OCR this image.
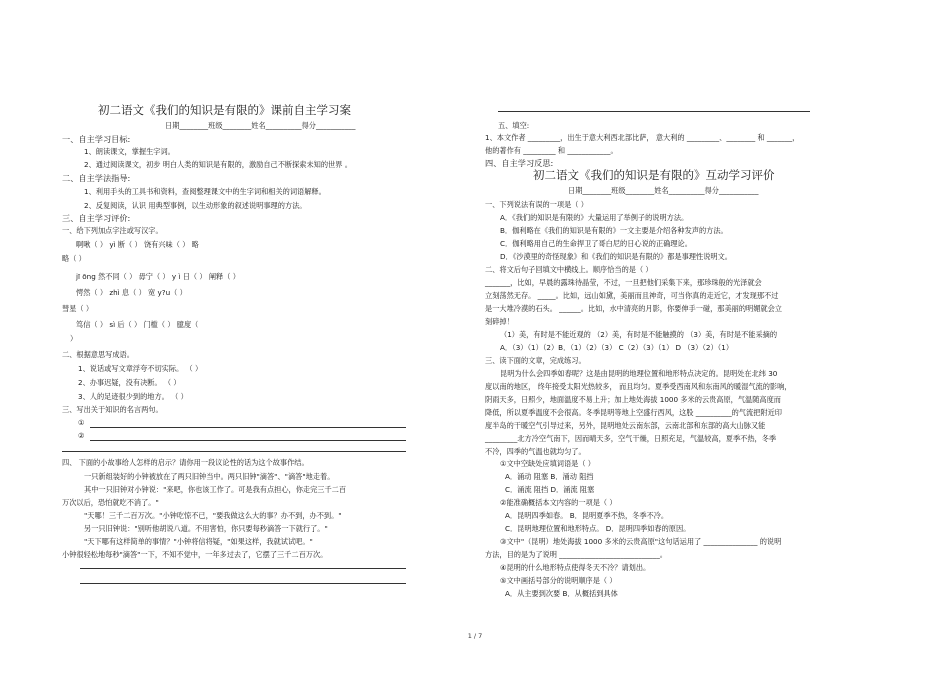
初二语文《我们的知识是有限的》课前自主学习案
日期________班级________姓名__________得分___________
一、自主学习目标:
1、朗读课文，掌握生字词。
2、通过阅读课文，初步 明白人类的知识是有限的，激励自己不断探索未知的世界 。
二、自主学法指导:
1、利用手头的工具书和资料，查阅整理课文中的生字词和相关的词语解释。
2、反复阅读，认识 用典型事例，以生动形象的叙述说明事理的方法。
三、自主学习评价:
一、给下列加点字注或写汉字。
啊啾（ ） yì 断（ ） 饶有兴味（ ） 略
略（ ）
jī ōng 然不同（ ） 毋宁（ ） y ì 日（ ） 阐释（ ）
愕然（ ） zhì 息（ ） 宽 y?u（ ）
彗星（ ）
笃信（ ） sì 后（ ） 门槛（ ） 臆度（
）
二、根据意思写成语。
1、说话或写文章浮夸不切实际。 （ ）
2、办事迟疑，没有决断。 （ ）
3、人的足迹很少到的地方。 （ ）
三、写出关于知识的名言两句。
①
②
四、 下面的小故事给人怎样的启示？请你用一段议论性的话为这个故事作结。
一只新组装好的小钟被放在了两只旧钟当中。两只旧钟"滴答"、"滴答"地走着。
其中一只旧钟对小钟说："来吧，你也该工作了。可是我有点担心，你走完三千二百
万次以后，恐怕就吃不消了。"
"天哪！三千二百万次。"小钟吃惊不已，"要我做这么大的事？办不到，办不到。"
另一只旧钟说："别听他胡说八道。不用害怕，你只要每秒滴答一下就行了。"
"天下哪有这样简单的事情？"小钟将信将疑，"如果这样，我就试试吧。"
小钟很轻松地每秒"滴答"一下，不知不觉中，一年多过去了，它摆了三千二百万次。
五、填空:
1、本文作者 _________，出生于意大利西北部比萨， 意大利的 _________、________ 和 _______，
他的著作有 _________ 和 ____________。
四、自主学习反思:
初二语文《我们的知识是有限的》互动学习评价
日期________班级________姓名__________得分___________
一、下列说法有误的一项是（ ）
A．《我们的知识是有限的》大量运用了举例子的说明方法。
B．伽利略在《我们的知识是有限的》一文主要是介绍各种发声的方法。
C．伽利略用自己的生命捍卫了哥白尼的日心说的正确理论。
D．《沙漠里的奇怪现象》和《我们的知识是有限的》都是事理性说明文。
二、将文后句子回填文中横线上。顺序恰当的是（ ）
_______，比如，早晨的露珠待晶莹，不过，一旦把他们采集下来，那珍珠般的光泽就会
立刻荡然无存。 _____。比如，远山如黛，美丽而且神奇，可当你真的走近它，才发现那不过
是一大堆冷漠的石头。 ______。比如，水中清亮的月影，你要伸手一碰，那美丽的明媚就会立
刻碎掉！
（1）美，有时是不能近观的 （2）美，有时是不能触摸的 （3）美，有时是不能采摘的
A．（3）（1）（2）B．（1）（2）（3） C（2）（3）（1） D （3）（2）（1）
三、读下面的文章，完成练习。
昆明为什么会四季如春呢？这是由昆明的地理位置和地形特点决定的。昆明处在北纬 30
度以南的地区， 终年接受太阳光热较多， 而且均匀。夏季受西南风和东南风的暖湿气流的影响，
阴雨天多，日照少，地面温度不易上升；加上地处海拔 1000 多米的云贵高原，气温随高度而
降低，所以夏季温度不会很高。冬季昆明等地上空盛行西风，这股 __________的气流把附近印
度半岛的干暖空气引导过来，另外，昆明地处云南东部，云南北部和东部的高大山脉又能
_________北方冷空气南下，因而晴天多，空气干燥，日照充足，气温较高，夏季不热，冬季
不冷，四季的气温也就均匀了。
①文中空缺处应填词语是（ ）
A．涌动 阻塞 B．涌动 阻挡
C．涌流 阻挡 D．涌流 阻塞
②能准确概括本文内容的一项是（ ）
A．昆明四季如春。 B．昆明夏季不热，冬季不冷。
C．昆明地理位置和地形特点。 D．昆明四季如春的原因。
③文中"（昆明）地处海拔 1000 多米的云贵高原"这句话运用了 _______________ 的说明
方法，目的是为了说明 ____________________________。
④昆明的什么地形特点使得冬天不冷？请划出。
⑤文中画括号部分的说明顺序是（ ）
A．从主要到次要 B．从概括到具体
1 / 7
